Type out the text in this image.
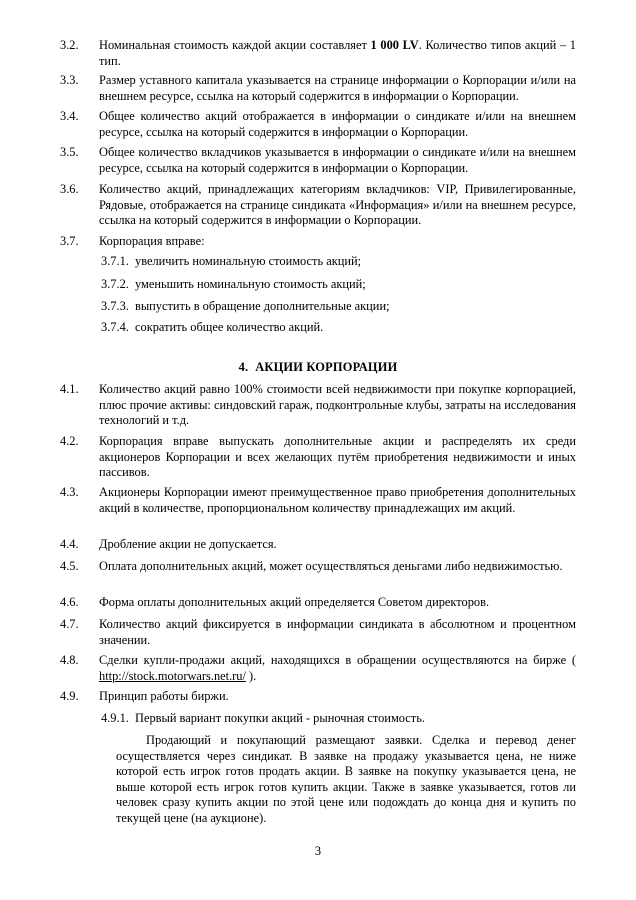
3.2.	Номинальная стоимость каждой акции составляет 1 000 LV. Количество типов акций – 1 тип.
3.3.	Размер уставного капитала указывается на странице информации о Корпорации и/или на внешнем ресурсе, ссылка на который содержится в информации о Корпорации.
3.4.	Общее количество акций отображается в информации о синдикате и/или на внешнем ресурсе, ссылка на который содержится в информации о Корпорации.
3.5.	Общее количество вкладчиков указывается в информации о синдикате и/или на внешнем ресурсе, ссылка на который содержится в информации о Корпорации.
3.6.	Количество акций, принадлежащих категориям вкладчиков: VIP, Привилегированные, Рядовые, отображается на странице синдиката «Информация» и/или на внешнем ресурсе, ссылка на который содержится в информации о Корпорации.
3.7.	Корпорация вправе:
3.7.1. увеличить номинальную стоимость акций;
3.7.2. уменьшить номинальную стоимость акций;
3.7.3. выпустить в обращение дополнительные акции;
3.7.4. сократить общее количество акций.
4. АКЦИИ КОРПОРАЦИИ
4.1.	Количество акций равно 100% стоимости всей недвижимости при покупке корпорацией, плюс прочие активы: синдовский гараж, подконтрольные клубы, затраты на исследования технологий и т.д.
4.2.	Корпорация вправе выпускать дополнительные акции и распределять их среди акционеров Корпорации и всех желающих путём приобретения недвижимости и иных пассивов.
4.3.	Акционеры Корпорации имеют преимущественное право приобретения дополнительных акций в количестве, пропорциональном количеству принадлежащих им акций.
4.4.	Дробление акции не допускается.
4.5.	Оплата дополнительных акций, может осуществляться деньгами либо недвижимостью.
4.6.	Форма оплаты дополнительных акций определяется Советом директоров.
4.7.	Количество акций фиксируется в информации синдиката в абсолютном и процентном значении.
4.8.	Сделки купли-продажи акций, находящихся в обращении осуществляются на бирже ( http://stock.motorwars.net.ru/ ).
4.9.	Принцип работы биржи.
4.9.1. Первый вариант покупки акций - рыночная стоимость.
Продающий и покупающий размещают заявки. Сделка и перевод денег осуществляется через синдикат. В заявке на продажу указывается цена, не ниже которой есть игрок готов продать акции. В заявке на покупку указывается цена, не выше которой есть игрок готов купить акции. Также в заявке указывается, готов ли человек сразу купить акции по этой цене или подождать до конца дня и купить по текущей цене (на аукционе).
3
